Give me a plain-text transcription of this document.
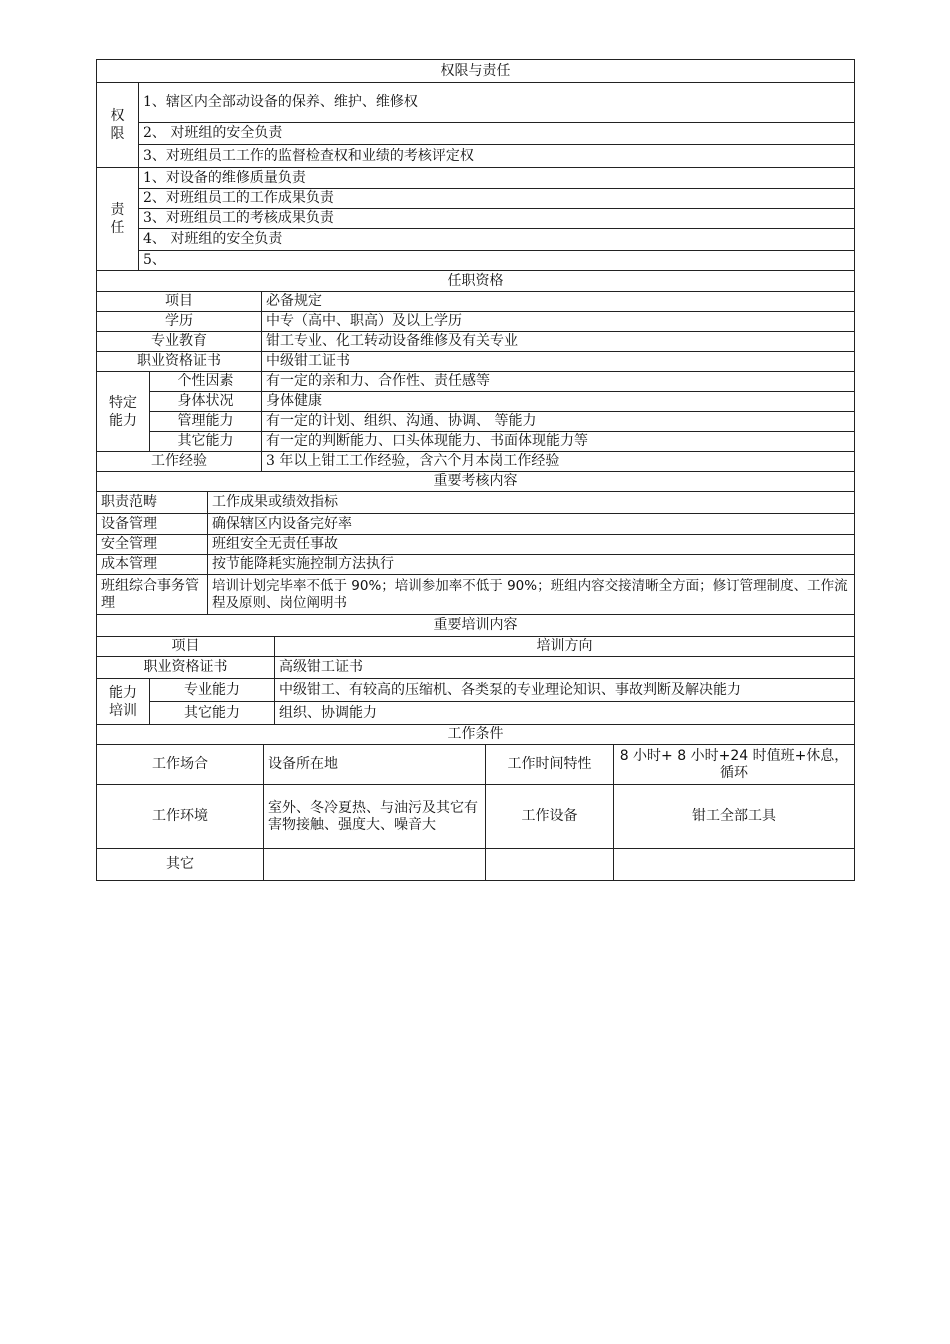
权限与责任	
权
限	1、辖区内全部动设备的保养、维护、维修权
	2、 对班组的安全负责
	3、对班组员工工作的监督检查权和业绩的考核评定权
责
任	1、对设备的维修质量负责
	2、对班组员工的工作成果负责
	3、对班组员工的考核成果负责
	4、 对班组的安全负责
	5、
任职资格		
项目		必备规定
学历		中专（高中、职高）及以上学历
专业教育		钳工专业、化工转动设备维修及有关专业
职业资格证书		中级钳工证书
特定
能力	个性因素	有一定的亲和力、合作性、责任感等
	身体状况	身体健康
	管理能力	有一定的计划、组织、沟通、协调、 等能力
	其它能力	有一定的判断能力、口头体现能力、书面体现能力等
工作经验		3 年以上钳工工作经验，含六个月本岗工作经验
重要考核内容	
职责范畴	工作成果或绩效指标
设备管理	确保辖区内设备完好率
安全管理	班组安全无责任事故
成本管理	按节能降耗实施控制方法执行
班组综合事务管理	培训计划完毕率不低于 90%；培训参加率不低于 90%；班组内容交接清晰全方面；修订管理制度、工作流程及原则、岗位阐明书
重要培训内容		
项目		培训方向
职业资格证书		高级钳工证书
能力
培训	专业能力	中级钳工、有较高的压缩机、各类泵的专业理论知识、事故判断及解决能力
	其它能力	组织、协调能力
工作条件			
工作场合	设备所在地	工作时间特性	8 小时+ 8 小时+24 时值班+休息，循环
工作环境	室外、冬冷夏热、与油污及其它有害物接触、强度大、噪音大	工作设备	钳工全部工具
其它			
